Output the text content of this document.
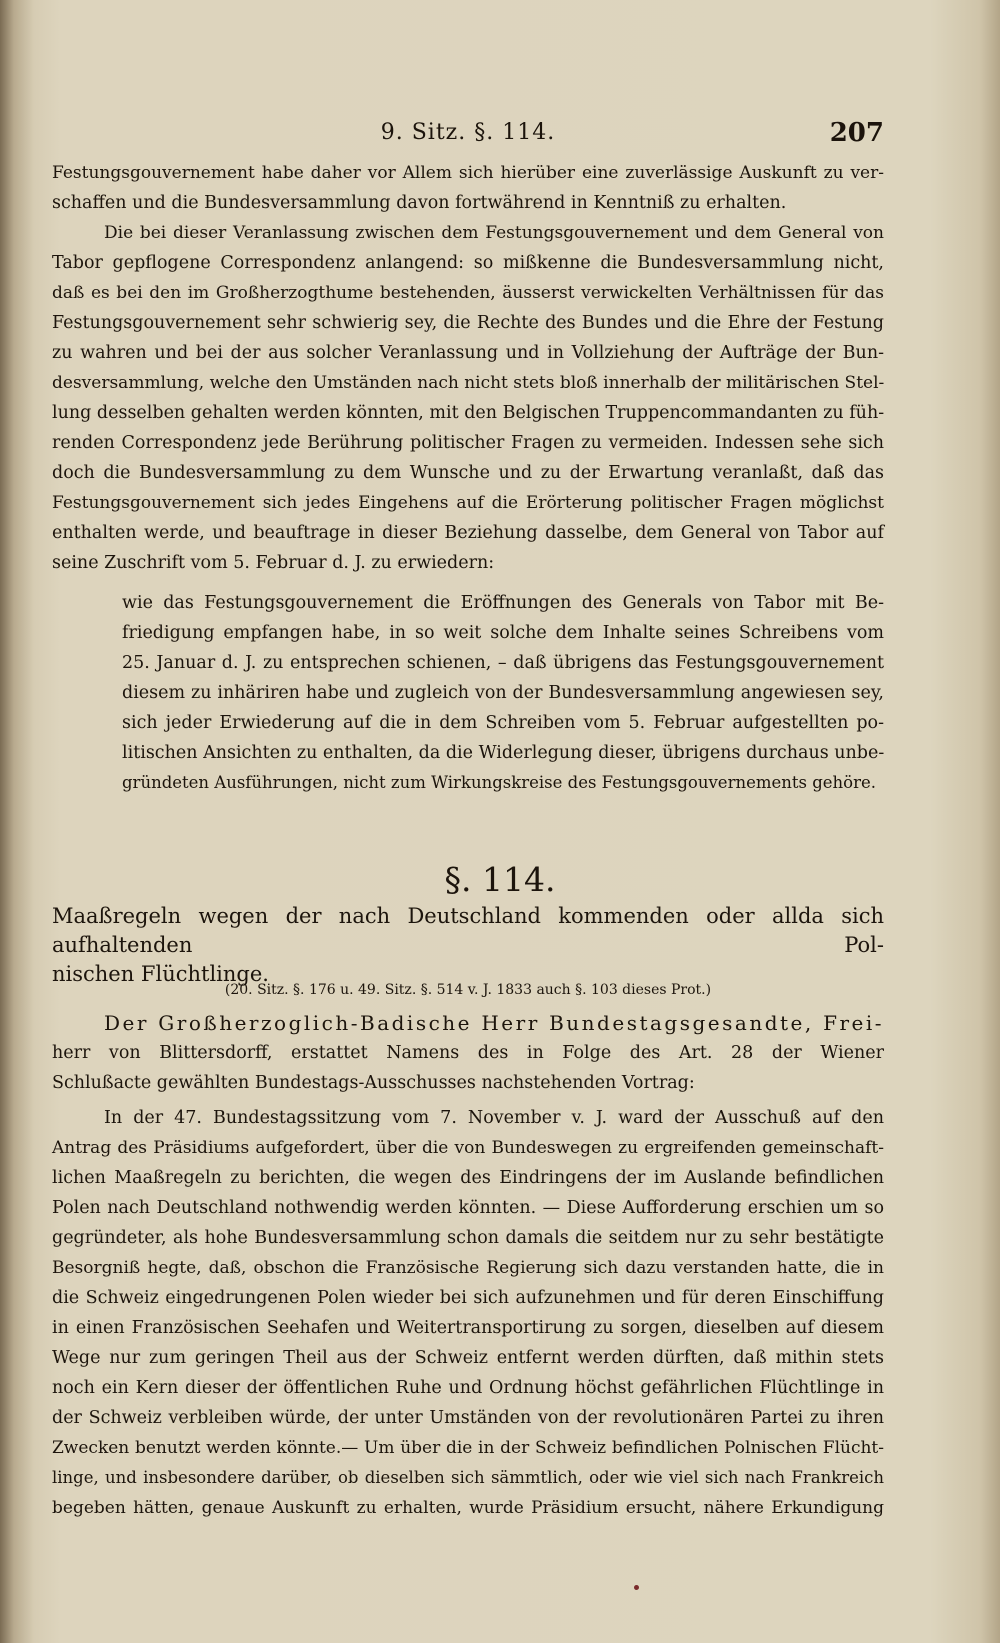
9. Sitz. §. 114.	207
Festungsgouvernement habe daher vor Allem sich hierüber eine zuverlässige Auskunft zu ver-
schaffen und die Bundesversammlung davon fortwährend in Kenntniß zu erhalten.
Die bei dieser Veranlassung zwischen dem Festungsgouvernement und dem General von
Tabor gepflogene Correspondenz anlangend: so mißkenne die Bundesversammlung nicht,
daß es bei den im Großherzogthume bestehenden, äusserst verwickelten Verhältnissen für das
Festungsgouvernement sehr schwierig sey, die Rechte des Bundes und die Ehre der Festung
zu wahren und bei der aus solcher Veranlassung und in Vollziehung der Aufträge der Bun-
desversammlung, welche den Umständen nach nicht stets bloß innerhalb der militärischen Stel-
lung desselben gehalten werden könnten, mit den Belgischen Truppencommandanten zu füh-
renden Correspondenz jede Berührung politischer Fragen zu vermeiden. Indessen sehe sich
doch die Bundesversammlung zu dem Wunsche und zu der Erwartung veranlaßt, daß das
Festungsgouvernement sich jedes Eingehens auf die Erörterung politischer Fragen möglichst
enthalten werde, und beauftrage in dieser Beziehung dasselbe, dem General von Tabor auf
seine Zuschrift vom 5. Februar d. J. zu erwiedern:
wie das Festungsgouvernement die Eröffnungen des Generals von Tabor mit Be-
friedigung empfangen habe, in so weit solche dem Inhalte seines Schreibens vom
25. Januar d. J. zu entsprechen schienen, – daß übrigens das Festungsgouvernement
diesem zu inhäriren habe und zugleich von der Bundesversammlung angewiesen sey,
sich jeder Erwiederung auf die in dem Schreiben vom 5. Februar aufgestellten po-
litischen Ansichten zu enthalten, da die Widerlegung dieser, übrigens durchaus unbe-
gründeten Ausführungen, nicht zum Wirkungskreise des Festungsgouvernements gehöre.
§. 114.
Maaßregeln wegen der nach Deutschland kommenden oder allda sich aufhaltenden Pol-
nischen Flüchtlinge.
(20. Sitz. §. 176 u. 49. Sitz. §. 514 v. J. 1833 auch §. 103 dieses Prot.)
Der Großherzoglich-Badische Herr Bundestagsgesandte, Frei-
herr von Blittersdorff, erstattet Namens des in Folge des Art. 28 der Wiener
Schlußacte gewählten Bundestags-Ausschusses nachstehenden Vortrag:
In der 47. Bundestagssitzung vom 7. November v. J. ward der Ausschuß auf den
Antrag des Präsidiums aufgefordert, über die von Bundeswegen zu ergreifenden gemeinschaft-
lichen Maaßregeln zu berichten, die wegen des Eindringens der im Auslande befindlichen
Polen nach Deutschland nothwendig werden könnten. — Diese Aufforderung erschien um so
gegründeter, als hohe Bundesversammlung schon damals die seitdem nur zu sehr bestätigte
Besorgniß hegte, daß, obschon die Französische Regierung sich dazu verstanden hatte, die in
die Schweiz eingedrungenen Polen wieder bei sich aufzunehmen und für deren Einschiffung
in einen Französischen Seehafen und Weitertransportirung zu sorgen, dieselben auf diesem
Wege nur zum geringen Theil aus der Schweiz entfernt werden dürften, daß mithin stets
noch ein Kern dieser der öffentlichen Ruhe und Ordnung höchst gefährlichen Flüchtlinge in
der Schweiz verbleiben würde, der unter Umständen von der revolutionären Partei zu ihren
Zwecken benutzt werden könnte.— Um über die in der Schweiz befindlichen Polnischen Flücht-
linge, und insbesondere darüber, ob dieselben sich sämmtlich, oder wie viel sich nach Frankreich
begeben hätten, genaue Auskunft zu erhalten, wurde Präsidium ersucht, nähere Erkundigung
